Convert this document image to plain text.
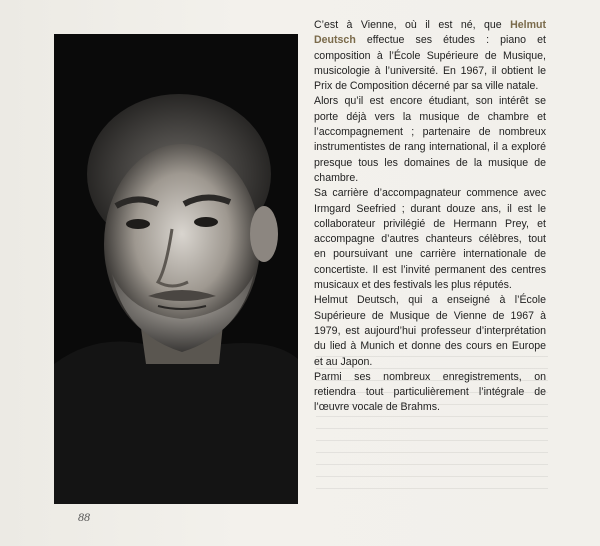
C’est à Vienne, où il est né, que Helmut Deutsch effectue ses études : piano et composition à l’École Supérieure de Musique, musicologie à l’université. En 1967, il obtient le Prix de Composition décerné par sa ville natale.

Alors qu’il est encore étudiant, son intérêt se porte déjà vers la musique de chambre et l’accompagnement ; partenaire de nombreux instrumentistes de rang international, il a exploré presque tous les domaines de la musique de chambre.

Sa carrière d’accompagnateur commence avec Irmgard Seefried ; durant douze ans, il est le collaborateur privilégié de Hermann Prey, et accompagne d’autres chanteurs célèbres, tout en poursuivant une carrière internationale de concertiste. Il est l’invité permanent des centres musicaux et des festivals les plus réputés.

Helmut Deutsch, qui a enseigné à l’École Supérieure de Musique de Vienne de 1967 à 1979, est aujourd’hui professeur d’interprétation du lied à Munich et donne des cours en Europe et au Japon.

Parmi ses nombreux enregistrements, on retiendra tout particulièrement l’intégrale de l’œuvre vocale de Brahms.

88
